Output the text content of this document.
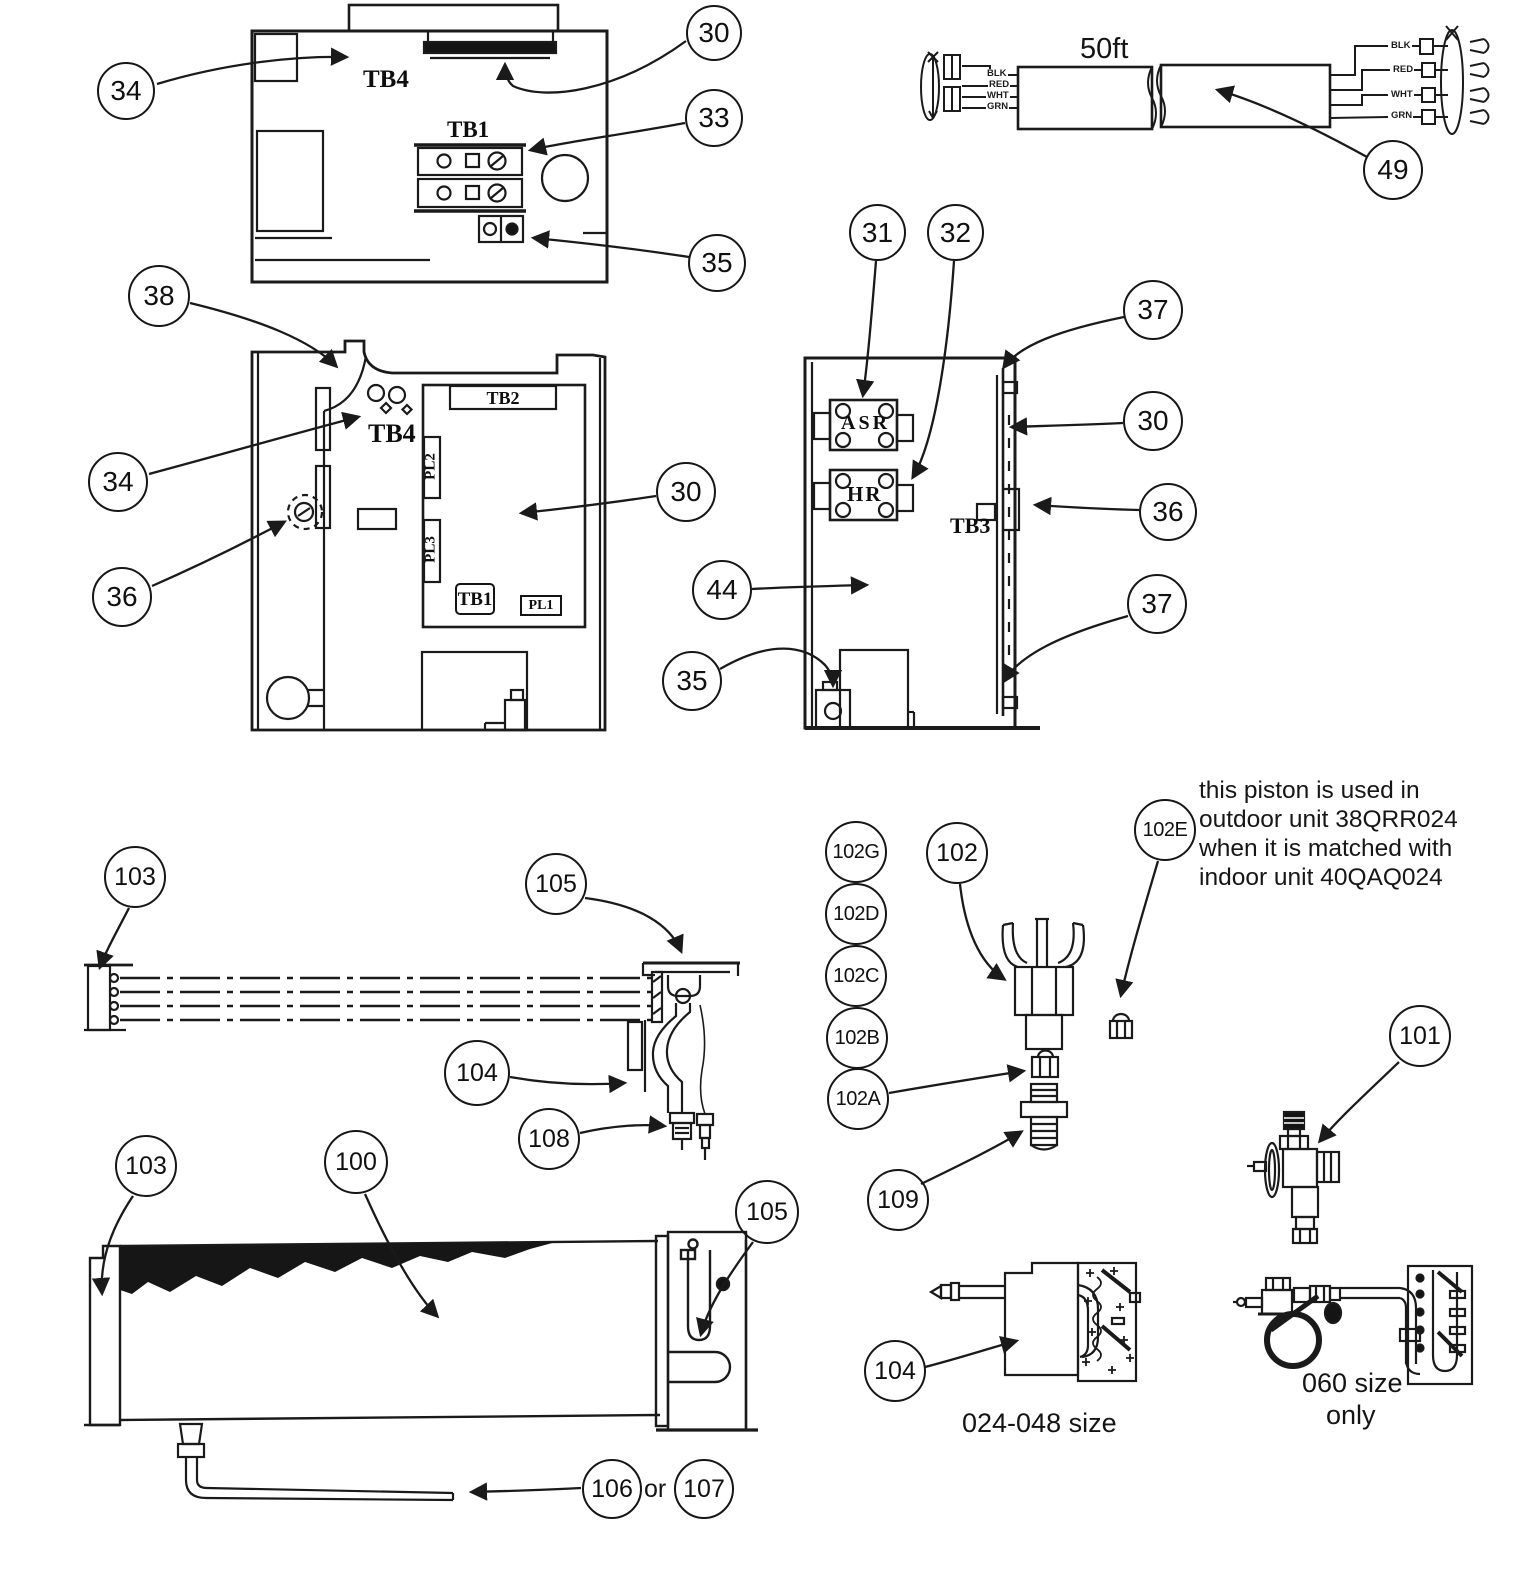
34
30
33
35
38
34
36
30
31	32
37
30
36
44
35
37
49
103	105
104
108
103	100
105
102G
102D
102C
102B
102A
102
102E
109
101
104
106	107
TB4
TB1
TB2
TB4
PL2
PL3
TB1	PL1
ASR
HR
TB3
50ft
BLK
RED
WHT
GRN
BLK
RED
WHT
GRN
this piston is used in
outdoor unit 38QRR024
when it is matched with
indoor unit 40QAQ024
024-048 size
060 size
only
or
